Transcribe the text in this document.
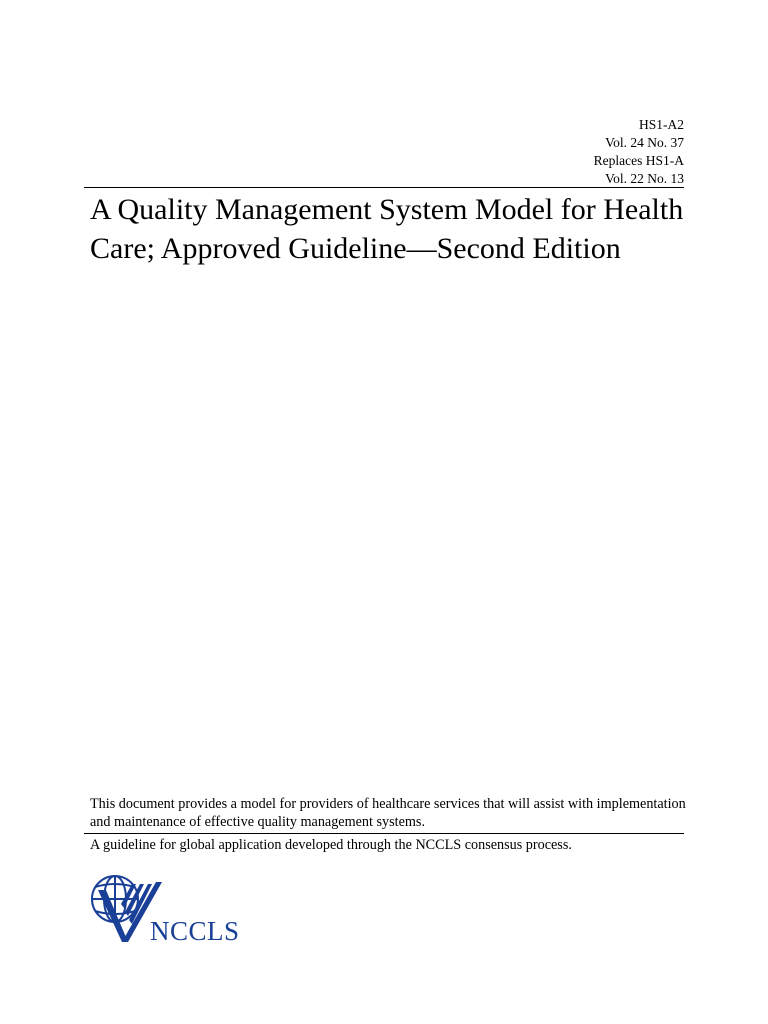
HS1-A2
Vol. 24 No. 37
Replaces HS1-A
Vol. 22 No. 13
A Quality Management System Model for Health Care; Approved Guideline—Second Edition

This document provides a model for providers of healthcare services that will assist with implementation and maintenance of effective quality management systems.

A guideline for global application developed through the NCCLS consensus process.

NCCLS
